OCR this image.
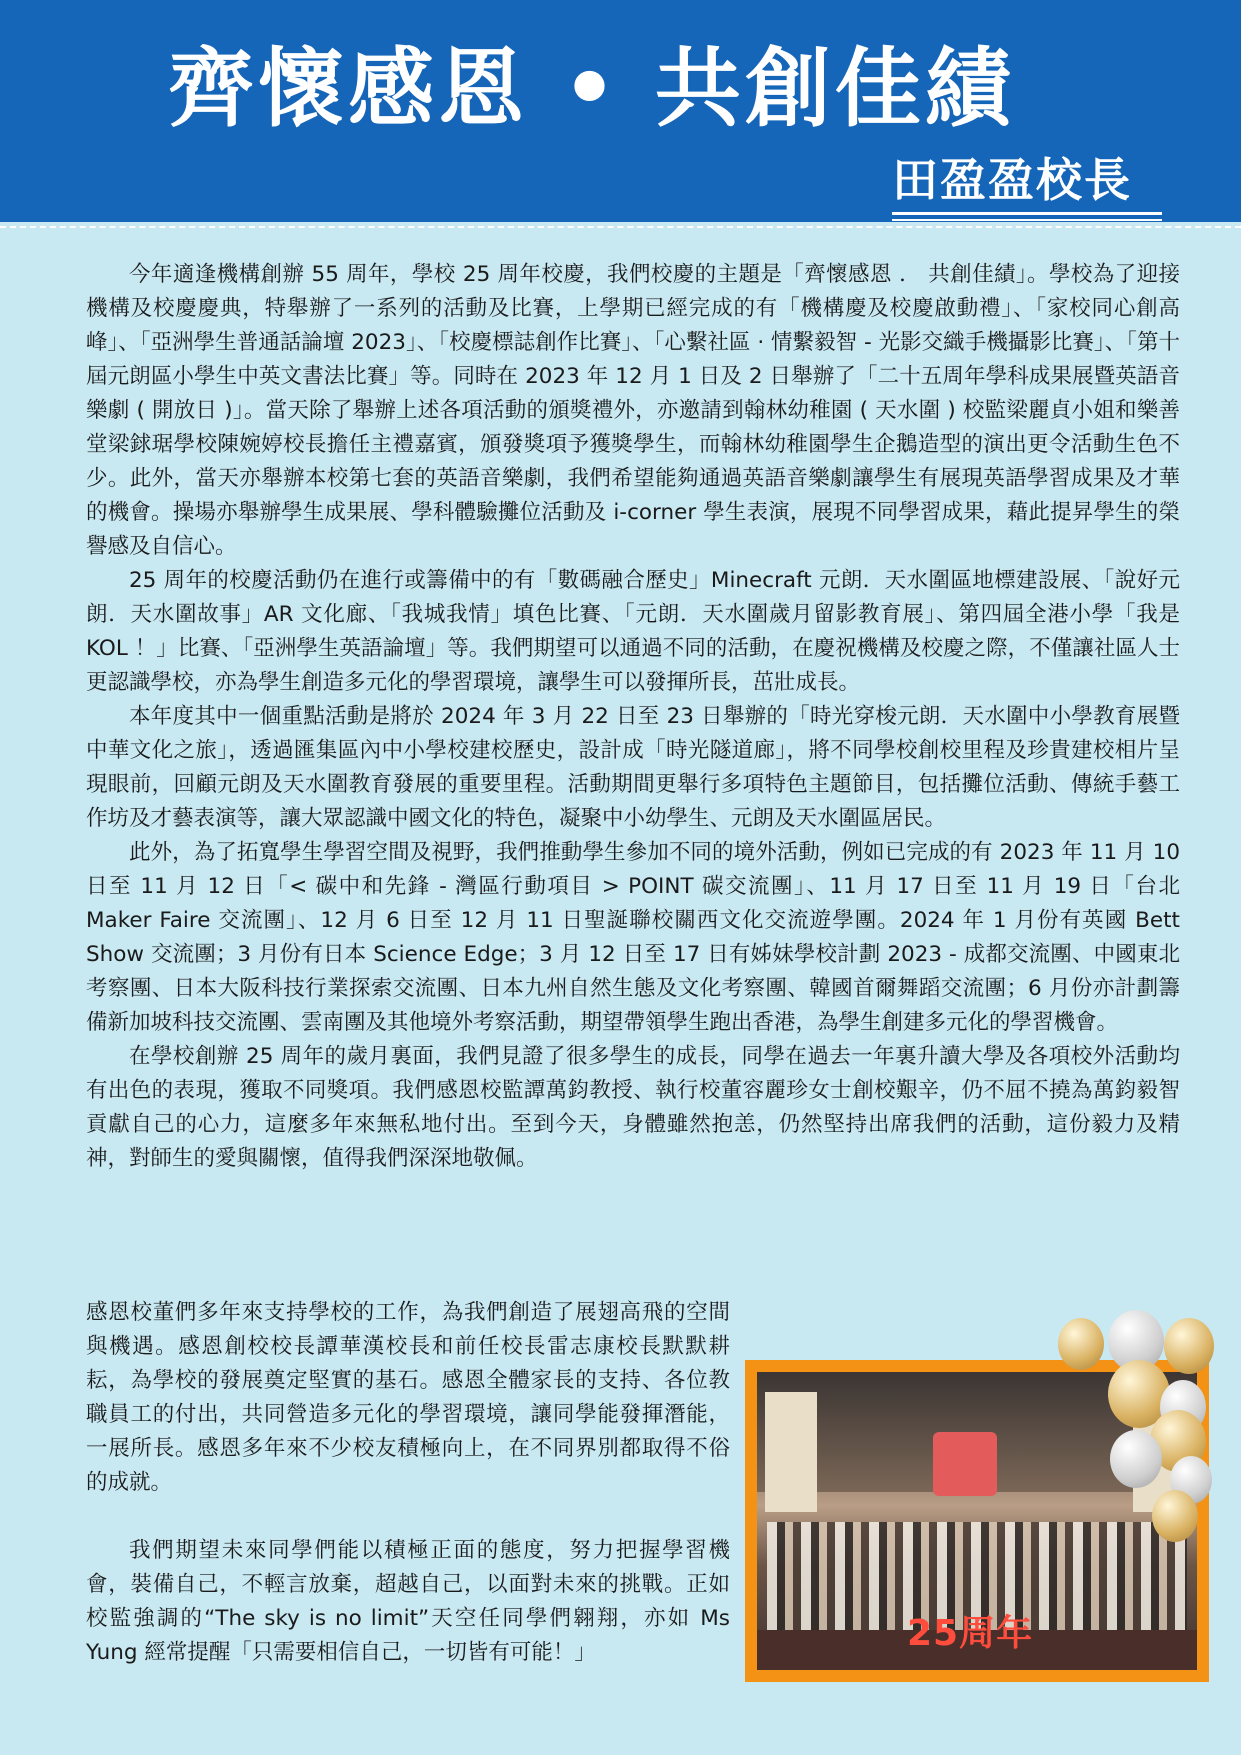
齊懷感恩 • 共創佳績
田盈盈校長

今年適逢機構創辦 55 周年，學校 25 周年校慶，我們校慶的主題是「齊懷感恩 ． 共創佳績」。學校為了迎接機構及校慶慶典，特舉辦了一系列的活動及比賽，上學期已經完成的有「機構慶及校慶啟動禮」、「家校同心創高峰」、「亞洲學生普通話論壇 2023」、「校慶標誌創作比賽」、「心繫社區 · 情繫毅智 - 光影交織手機攝影比賽」、「第十屆元朗區小學生中英文書法比賽」等。同時在 2023 年 12 月 1 日及 2 日舉辦了「二十五周年學科成果展暨英語音樂劇 ( 開放日 )」。當天除了舉辦上述各項活動的頒獎禮外，亦邀請到翰林幼稚園 ( 天水圍 ) 校監梁麗貞小姐和樂善堂梁銶琚學校陳婉婷校長擔任主禮嘉賓，頒發獎項予獲獎學生，而翰林幼稚園學生企鵝造型的演出更令活動生色不少。此外，當天亦舉辦本校第七套的英語音樂劇，我們希望能夠通過英語音樂劇讓學生有展現英語學習成果及才華的機會。操場亦舉辦學生成果展、學科體驗攤位活動及 i-corner 學生表演，展現不同學習成果，藉此提昇學生的榮譽感及自信心。

25 周年的校慶活動仍在進行或籌備中的有「數碼融合歷史」Minecraft 元朗．天水圍區地標建設展、「說好元朗．天水圍故事」AR 文化廊、「我城我情」填色比賽、「元朗．天水圍歲月留影教育展」、第四屆全港小學「我是 KOL ！」比賽、「亞洲學生英語論壇」等。我們期望可以通過不同的活動，在慶祝機構及校慶之際，不僅讓社區人士更認識學校，亦為學生創造多元化的學習環境，讓學生可以發揮所長，茁壯成長。

本年度其中一個重點活動是將於 2024 年 3 月 22 日至 23 日舉辦的「時光穿梭元朗．天水圍中小學教育展暨中華文化之旅」，透過匯集區內中小學校建校歷史，設計成「時光隧道廊」，將不同學校創校里程及珍貴建校相片呈現眼前，回顧元朗及天水圍教育發展的重要里程。活動期間更舉行多項特色主題節目，包括攤位活動、傳統手藝工作坊及才藝表演等，讓大眾認識中國文化的特色，凝聚中小幼學生、元朗及天水圍區居民。

此外，為了拓寬學生學習空間及視野，我們推動學生參加不同的境外活動，例如已完成的有 2023 年 11 月 10 日至 11 月 12 日「< 碳中和先鋒 - 灣區行動項目 > POINT 碳交流團」、11 月 17 日至 11 月 19 日「台北 Maker Faire 交流團」、12 月 6 日至 12 月 11 日聖誕聯校關西文化交流遊學團。2024 年 1 月份有英國 Bett Show 交流團；3 月份有日本 Science Edge；3 月 12 日至 17 日有姊妹學校計劃 2023 - 成都交流團、中國東北考察團、日本大阪科技行業探索交流團、日本九州自然生態及文化考察團、韓國首爾舞蹈交流團；6 月份亦計劃籌備新加坡科技交流團、雲南團及其他境外考察活動，期望帶領學生跑出香港，為學生創建多元化的學習機會。

在學校創辦 25 周年的歲月裏面，我們見證了很多學生的成長，同學在過去一年裏升讀大學及各項校外活動均有出色的表現，獲取不同獎項。我們感恩校監譚萬鈞教授、執行校董容麗珍女士創校艱辛，仍不屈不撓為萬鈞毅智貢獻自己的心力，這麼多年來無私地付出。至到今天，身體雖然抱恙，仍然堅持出席我們的活動，這份毅力及精神，對師生的愛與關懷，值得我們深深地敬佩。

感恩校董們多年來支持學校的工作，為我們創造了展翅高飛的空間與機遇。感恩創校校長譚華漢校長和前任校長雷志康校長默默耕耘，為學校的發展奠定堅實的基石。感恩全體家長的支持、各位教職員工的付出，共同營造多元化的學習環境，讓同學能發揮潛能，一展所長。感恩多年來不少校友積極向上，在不同界別都取得不俗的成就。

我們期望未來同學們能以積極正面的態度，努力把握學習機會，裝備自己，不輕言放棄，超越自己，以面對未來的挑戰。正如校監強調的“The sky is no limit”天空任同學們翱翔，亦如 Ms Yung 經常提醒「只需要相信自己，一切皆有可能！」	25周年
